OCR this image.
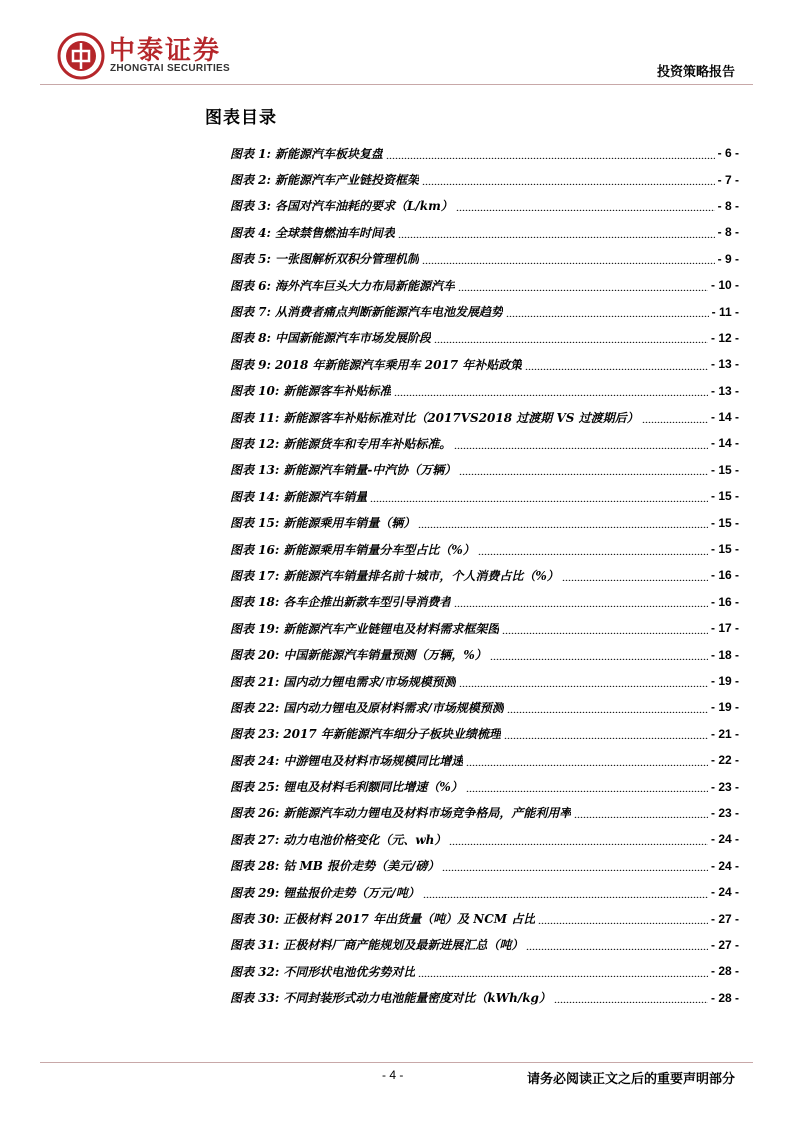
中泰证券
ZHONGTAI SECURITIES	投资策略报告
图表目录
图表 1: 新能源汽车板块复盘	- 6 -
图表 2: 新能源汽车产业链投资框架	- 7 -
图表 3: 各国对汽车油耗的要求（L/km）	- 8 -
图表 4: 全球禁售燃油车时间表	- 8 -
图表 5: 一张图解析双积分管理机制	- 9 -
图表 6: 海外汽车巨头大力布局新能源汽车	- 10 -
图表 7: 从消费者痛点判断新能源汽车电池发展趋势	- 11 -
图表 8: 中国新能源汽车市场发展阶段	- 12 -
图表 9: 2018 年新能源汽车乘用车 2017 年补贴政策	- 13 -
图表 10: 新能源客车补贴标准	- 13 -
图表 11: 新能源客车补贴标准对比（2017VS2018 过渡期 VS 过渡期后）	- 14 -
图表 12: 新能源货车和专用车补贴标准。	- 14 -
图表 13: 新能源汽车销量-中汽协（万辆）	- 15 -
图表 14: 新能源汽车销量	- 15 -
图表 15: 新能源乘用车销量（辆）	- 15 -
图表 16: 新能源乘用车销量分车型占比（%）	- 15 -
图表 17: 新能源汽车销量排名前十城市，个人消费占比（%）	- 16 -
图表 18: 各车企推出新款车型引导消费者	- 16 -
图表 19: 新能源汽车产业链锂电及材料需求框架图	- 17 -
图表 20: 中国新能源汽车销量预测（万辆，%）	- 18 -
图表 21: 国内动力锂电需求/市场规模预测	- 19 -
图表 22: 国内动力锂电及原材料需求/市场规模预测	- 19 -
图表 23: 2017 年新能源汽车细分子板块业绩梳理	- 21 -
图表 24: 中游锂电及材料市场规模同比增速	- 22 -
图表 25: 锂电及材料毛利额同比增速（%）	- 23 -
图表 26: 新能源汽车动力锂电及材料市场竞争格局，产能利用率	- 23 -
图表 27: 动力电池价格变化（元、wh）	- 24 -
图表 28: 钴 MB 报价走势（美元/磅）	- 24 -
图表 29: 锂盐报价走势（万元/吨）	- 24 -
图表 30: 正极材料 2017 年出货量（吨）及 NCM 占比	- 27 -
图表 31: 正极材料厂商产能规划及最新进展汇总（吨）	- 27 -
图表 32: 不同形状电池优劣势对比	- 28 -
图表 33: 不同封装形式动力电池能量密度对比（kWh/kg）	- 28 -
- 4 -	请务必阅读正文之后的重要声明部分
